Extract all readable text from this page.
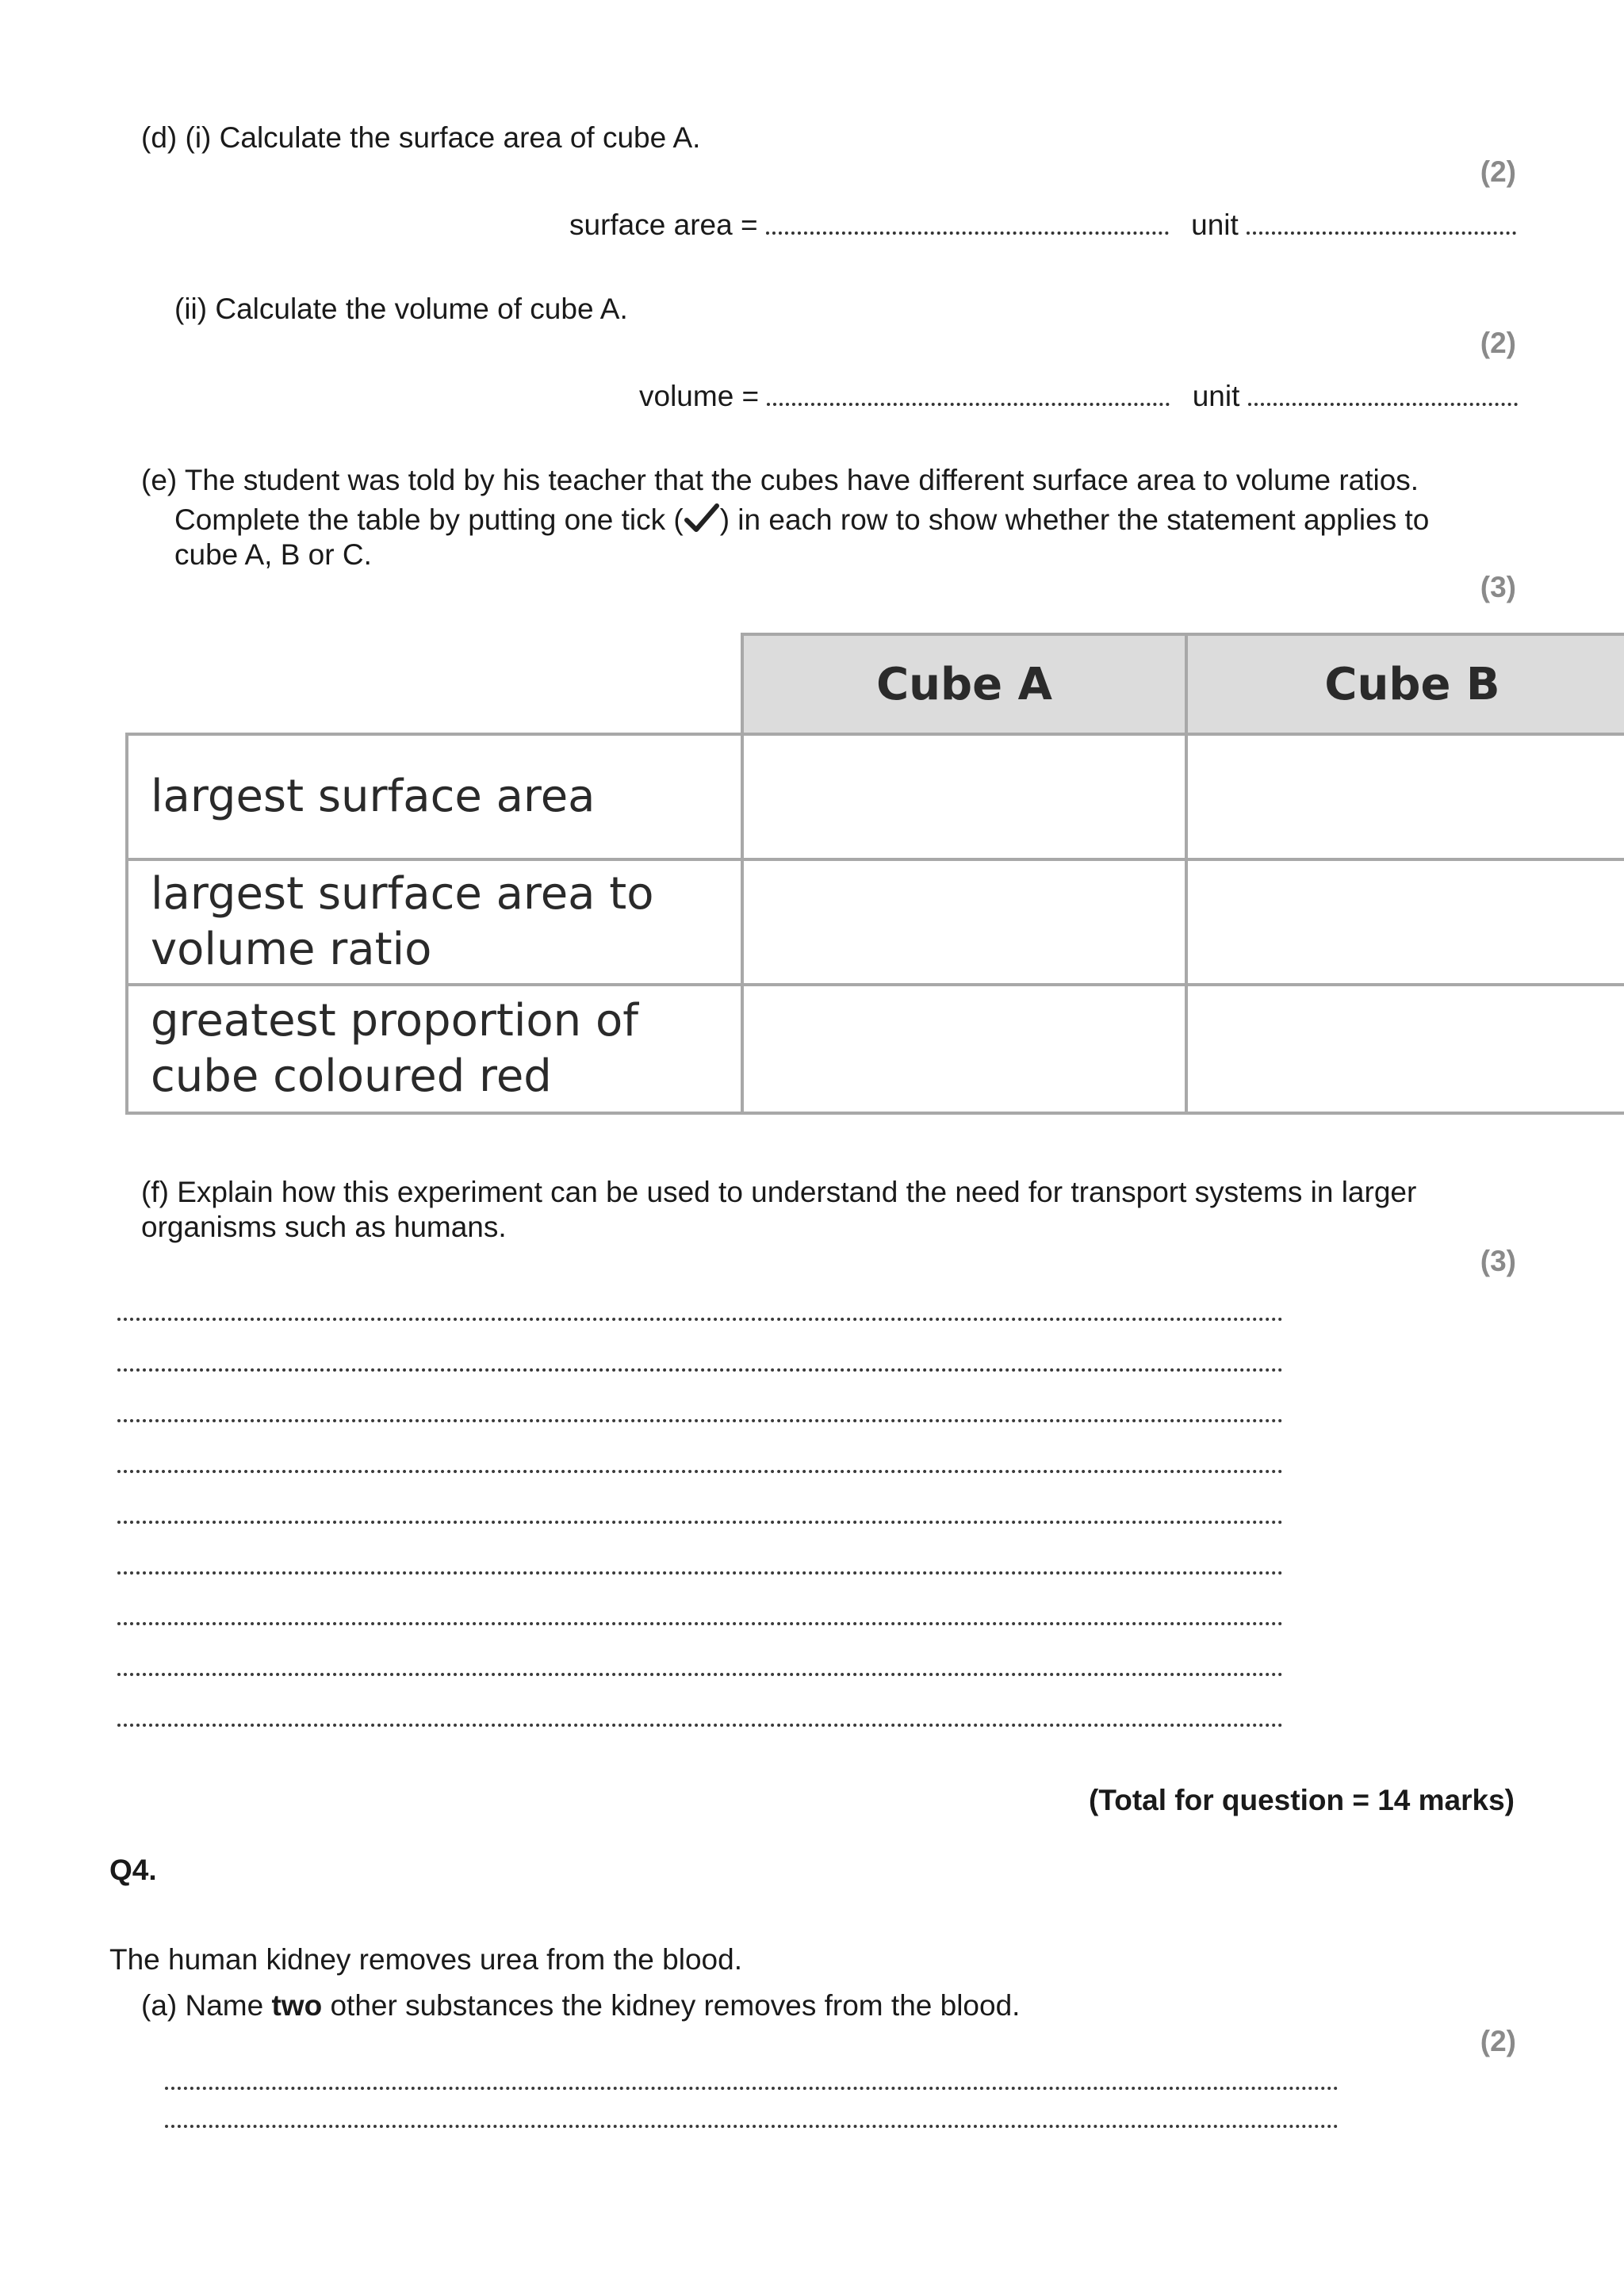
(d) (i) Calculate the surface area of cube A.
(2)
surface area =	unit
(ii) Calculate the volume of cube A.
(2)
volume =	unit
(e) The student was told by his teacher that the cubes have different surface area to volume ratios.
Complete the table by putting one tick ( ) in each row to show whether the statement applies to
cube A, B or C.
(3)
Cube A	Cube B
largest surface area
largest surface area to volume ratio
greatest proportion of cube coloured red
(f) Explain how this experiment can be used to understand the need for transport systems in larger
organisms such as humans.
(3)
(Total for question = 14 marks)
Q4.
The human kidney removes urea from the blood.
(a) Name two other substances the kidney removes from the blood.
(2)
